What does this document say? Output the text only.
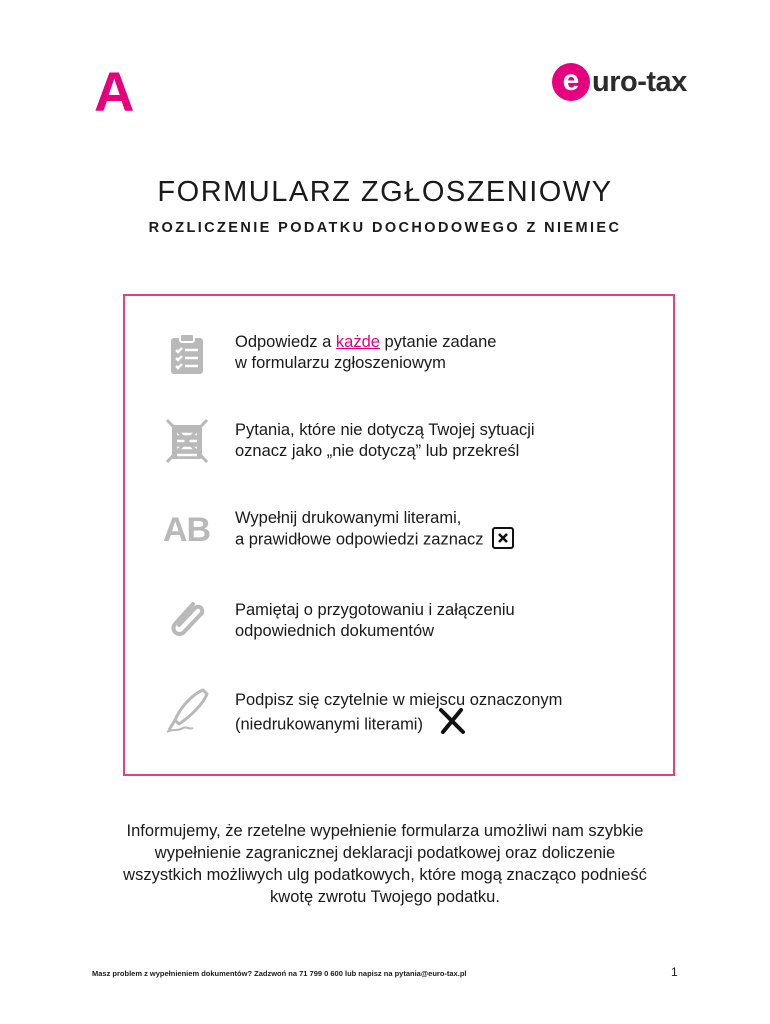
A	e uro-tax
FORMULARZ ZGŁOSZENIOWY
ROZLICZENIE PODATKU DOCHODOWEGO Z NIEMIEC
Odpowiedz a każde pytanie zadane
w formularzu zgłoszeniowym
Pytania, które nie dotyczą Twojej sytuacji
oznacz jako „nie dotyczą” lub przekreśl
AB Wypełnij drukowanymi literami,
a prawidłowe odpowiedzi zaznacz
Pamiętaj o przygotowaniu i załączeniu
odpowiednich dokumentów
Podpisz się czytelnie w miejscu oznaczonym
(niedrukowanymi literami)
Informujemy, że rzetelne wypełnienie formularza umożliwi nam szybkie
wypełnienie zagranicznej deklaracji podatkowej oraz doliczenie
wszystkich możliwych ulg podatkowych, które mogą znacząco podnieść
kwotę zwrotu Twojego podatku.
Masz problem z wypełnieniem dokumentów? Zadzwoń na 71 799 0 600 lub napisz na pytania@euro-tax.pl	1
